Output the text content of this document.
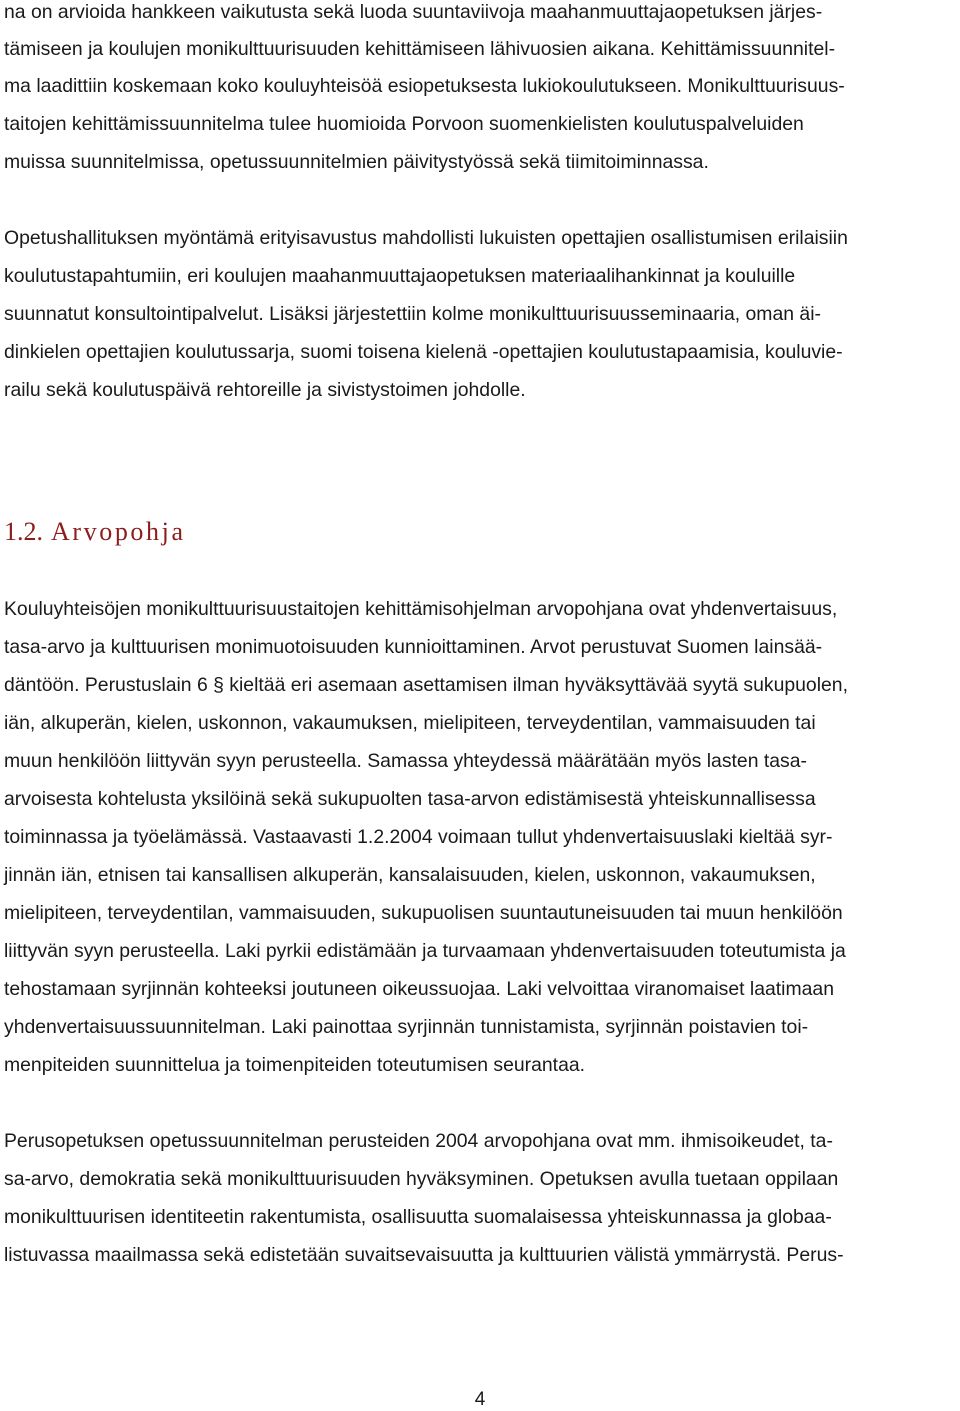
na on arvioida hankkeen vaikutusta sekä luoda suuntaviivoja maahanmuuttajaopetuksen järjes-
tämiseen ja koulujen monikulttuurisuuden kehittämiseen lähivuosien aikana. Kehittämissuunnitel-
ma laadittiin koskemaan koko kouluyhteisöä esiopetuksesta lukiokoulutukseen. Monikulttuurisuus-
taitojen kehittämissuunnitelma tulee huomioida Porvoon suomenkielisten koulutuspalveluiden
muissa suunnitelmissa, opetussuunnitelmien päivitystyössä sekä tiimitoiminnassa.
Opetushallituksen myöntämä erityisavustus mahdollisti lukuisten opettajien osallistumisen erilaisiin
koulutustapahtumiin, eri koulujen maahanmuuttajaopetuksen materiaalihankinnat ja kouluille
suunnatut konsultointipalvelut. Lisäksi järjestettiin kolme monikulttuurisuusseminaaria, oman äi-
dinkielen opettajien koulutussarja, suomi toisena kielenä -opettajien koulutustapaamisia, kouluvie-
railu sekä koulutuspäivä rehtoreille ja sivistystoimen johdolle.
1.2. Arvopohja
Kouluyhteisöjen monikulttuurisuustaitojen kehittämisohjelman arvopohjana ovat yhdenvertaisuus,
tasa-arvo ja kulttuurisen monimuotoisuuden kunnioittaminen. Arvot perustuvat Suomen lainsää-
däntöön. Perustuslain 6 § kieltää eri asemaan asettamisen ilman hyväksyttävää syytä sukupuolen,
iän, alkuperän, kielen, uskonnon, vakaumuksen, mielipiteen, terveydentilan, vammaisuuden tai
muun henkilöön liittyvän syyn perusteella. Samassa yhteydessä määrätään myös lasten tasa-
arvoisesta kohtelusta yksilöinä sekä sukupuolten tasa-arvon edistämisestä yhteiskunnallisessa
toiminnassa ja työelämässä. Vastaavasti 1.2.2004 voimaan tullut yhdenvertaisuuslaki kieltää syr-
jinnän iän, etnisen tai kansallisen alkuperän, kansalaisuuden, kielen, uskonnon, vakaumuksen,
mielipiteen, terveydentilan, vammaisuuden, sukupuolisen suuntautuneisuuden tai muun henkilöön
liittyvän syyn perusteella. Laki pyrkii edistämään ja turvaamaan yhdenvertaisuuden toteutumista ja
tehostamaan syrjinnän kohteeksi joutuneen oikeussuojaa. Laki velvoittaa viranomaiset laatimaan
yhdenvertaisuussuunnitelman. Laki painottaa syrjinnän tunnistamista, syrjinnän poistavien toi-
menpiteiden suunnittelua ja toimenpiteiden toteutumisen seurantaa.
Perusopetuksen opetussuunnitelman perusteiden 2004 arvopohjana ovat mm. ihmisoikeudet, ta-
sa-arvo, demokratia sekä monikulttuurisuuden hyväksyminen. Opetuksen avulla tuetaan oppilaan
monikulttuurisen identiteetin rakentumista, osallisuutta suomalaisessa yhteiskunnassa ja globaa-
listuvassa maailmassa sekä edistetään suvaitsevaisuutta ja kulttuurien välistä ymmärrystä. Perus-
4
